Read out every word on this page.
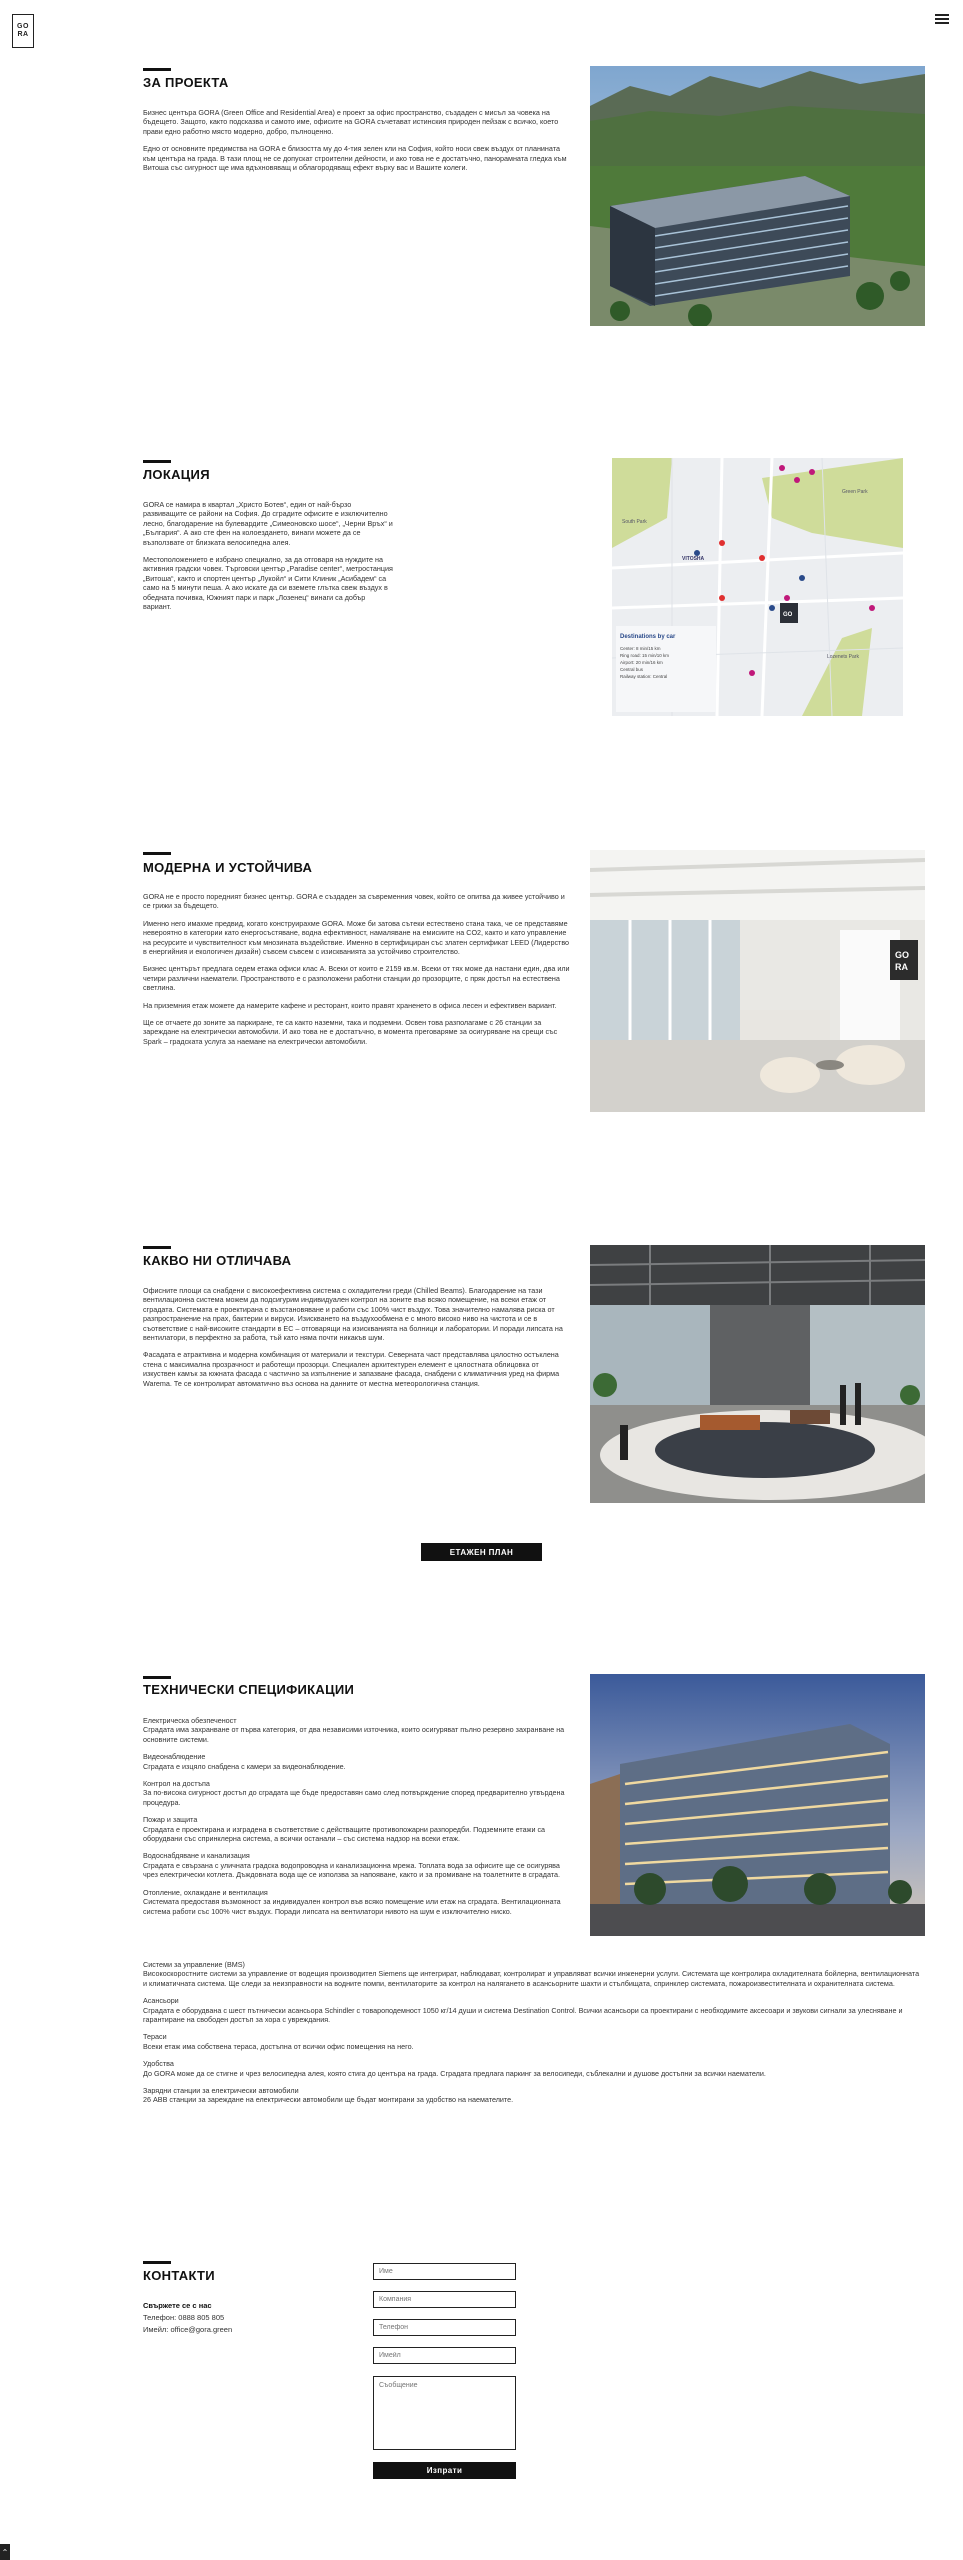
GO
RA
ЗА ПРОЕКТА

Бизнес центъра GORA (Green Office and Residential Area) е проект за офис пространство, създаден с мисъл за човека на бъдещето. Защото, както подсказва и самото име, офисите на GORA съчетават истинския природен пейзаж с всичко, което прави едно работно място модерно, добро, пълноценно.

Едно от основните предимства на GORA е близостта му до 4-тия зелен кли на София, който носи свеж въздух от планината към центъра на града. В тази площ не се допускат строителни дейности, и ако това не е достатъчно, панорамната гледка към Витоша със сигурност ще има вдъхновяващ и облагородяващ ефект върху вас и Вашите колеги.

ЛОКАЦИЯ

GORA се намира в квартал „Христо Ботев“, един от най-бързо развиващите се райони на София. До сградите офисите е изключително лесно, благодарение на булевардите „Симеоновско шосе“, „Черни Връх“ и „България“. А ако сте фен на колоездането, винаги можете да се възползвате от близката велосипедна алея.

Местоположението е избрано специално, за да отговаря на нуждите на активния градски човек. Търговски център „Paradise center“, метростанция „Витоша“, както и спортен център „Лукойл“ и Сити Клиник „Асибадем“ са само на 5 минути пеша. А ако искате да си вземете глътка свеж въздух в обедната почивка, Южният парк и парк „Лозенец“ винаги са добър вариант.

South Park
Green Park
Lozenets Park
VITOSHA
GO
Destinations by car
Center: 8 min/15 km
Ring road: 15 min/10 km
Airport: 20 min/16 km
Central bus
Railway station: Central
МОДЕРНА И УСТОЙЧИВА

GORA не е просто поредният бизнес център. GORA е създаден за съвременния човек, който се опитва да живее устойчиво и се грижи за бъдещето.

Именно него имахме предвид, когато конструирахме GORA. Може би затова сътеки естествено стана така, че се представяме невероятно в категории като енергосъстяване, водна ефективност, намаляване на емисиите на CO2, както и като управление на ресурсите и чувствителност към мнозината въздействие. Именно в сертифициран със златен сертификат LEED (Лидерство в енергийния и екологичен дизайн) съвсем съвсем с изискванията за устойчиво строителство.

Бизнес центърът предлага седем етажа офиси клас А. Всеки от които е 2159 кв.м. Всеки от тях може да настани един, два или четири различни наематели. Пространството е с разположени работни станции до прозорците, с пряк достъп на естествена светлина.

На приземния етаж можете да намерите кафене и ресторант, които правят храненето в офиса лесен и ефективен вариант.

Ще се отчаете до зоните за паркиране, те са както наземни, така и подземни. Освен това разполагаме с 26 станции за зареждане на електрически автомобили. И ако това не е достатъчно, в момента преговаряме за осигуряване на срещи със Spark – градската услуга за наемане на електрически автомобили.

GO
RA
КАКВО НИ ОТЛИЧАВА

Офисните площи са снабдени с високоефективна система с охладителни греди (Chilled Beams). Благодарение на тази вентилационна система можем да подсигурим индивидуален контрол на зоните във всяко помещение, на всеки етаж от сградата. Системата е проектирана с възстановяване и работи със 100% чист въздух. Това значително намалява риска от разпространение на прах, бактерии и вируси. Изискването на въздухообмена е с много високо ниво на чистота и се в съответствие с най-високите стандарти в ЕС – отговарящи на изискванията на болници и лаборатории. И поради липсата на вентилатори, в перфектно за работа, тъй като няма почти никакъв шум.

Фасадата е атрактивна и модерна комбинация от материали и текстури. Северната част представлява цялостно остъклена стена с максимална прозрачност и работещи прозорци. Специален архитектурен елемент е цялостната облицовка от изкуствен камък за южната фасада с частично за изпълнение и запазване фасада, снабдени с климатичния уред на фирма Warema. Те се контролират автоматично въз основа на данните от местна метеорологична станция.

ЕТАЖЕН ПЛАН
ТЕХНИЧЕСКИ СПЕЦИФИКАЦИИ
Електрическа обезпеченост
Сградата има захранване от първа категория, от два независими източника, които осигуряват пълно резервно захранване на основните системи.
Видеонаблюдение
Сградата е изцяло снабдена с камери за видеонаблюдение.
Контрол на достъпа
За по-висока сигурност достъп до сградата ще бъде предоставян само след потвърждение според предварително утвърдена процедура.
Пожар и защита
Сградата е проектирана и изградена в съответствие с действащите противопожарни разпоредби. Подземните етажи са оборудвани със спринклерна система, а всички останали – със система надзор на всеки етаж.
Водоснабдяване и канализация
Сградата е свързана с уличната градска водопроводна и канализационна мрежа. Топлата вода за офисите ще се осигурява чрез електрически котлета. Дъждовната вода ще се използва за напояване, както и за промиване на тоалетните в сградата.
Отопление, охлаждане и вентилация
Системата предоставя възможност за индивидуален контрол във всяко помещение или етаж на сградата. Вентилационната система работи със 100% чист въздух. Поради липсата на вентилатори нивото на шум е изключително ниско.
Системи за управление (BMS)
Високоскоростните системи за управление от водещия производител Siemens ще интегрират, наблюдават, контролират и управляват всички инженерни услуги. Системата ще контролира охладителната бойлерна, вентилационната и климатичната система. Ще следи за неизправности на водните помпи, вентилаторите за контрол на налягането в асансьорните шахти и стълбищата, спринклер системата, пожароизвестителната и охранителната система.
Асансьори
Сградата е оборудвана с шест пътнически асансьора Schindler с товароподемност 1050 кг/14 души и система Destination Control. Всички асансьори са проектирани с необходимите аксесоари и звукови сигнали за улесняване и гарантиране на свободен достъп за хора с увреждания.
Тераси
Всеки етаж има собствена тераса, достъпна от всички офис помещения на него.
Удобства
До GORA може да се стигне и чрез велосипедна алея, която стига до центъра на града. Сградата предлага паркинг за велосипеди, съблекални и душове достъпни за всички наематели.
Зарядни станции за електрически автомобили
26 АВВ станции за зареждане на електрически автомобили ще бъдат монтирани за удобство на наемателите.
КОНТАКТИ
Свържете се с нас
Телефон: 0888 805 805
Имейл: office@gora.green
Име
Компания
Телефон
Имейл
Съобщение
Изпрати
⌃
